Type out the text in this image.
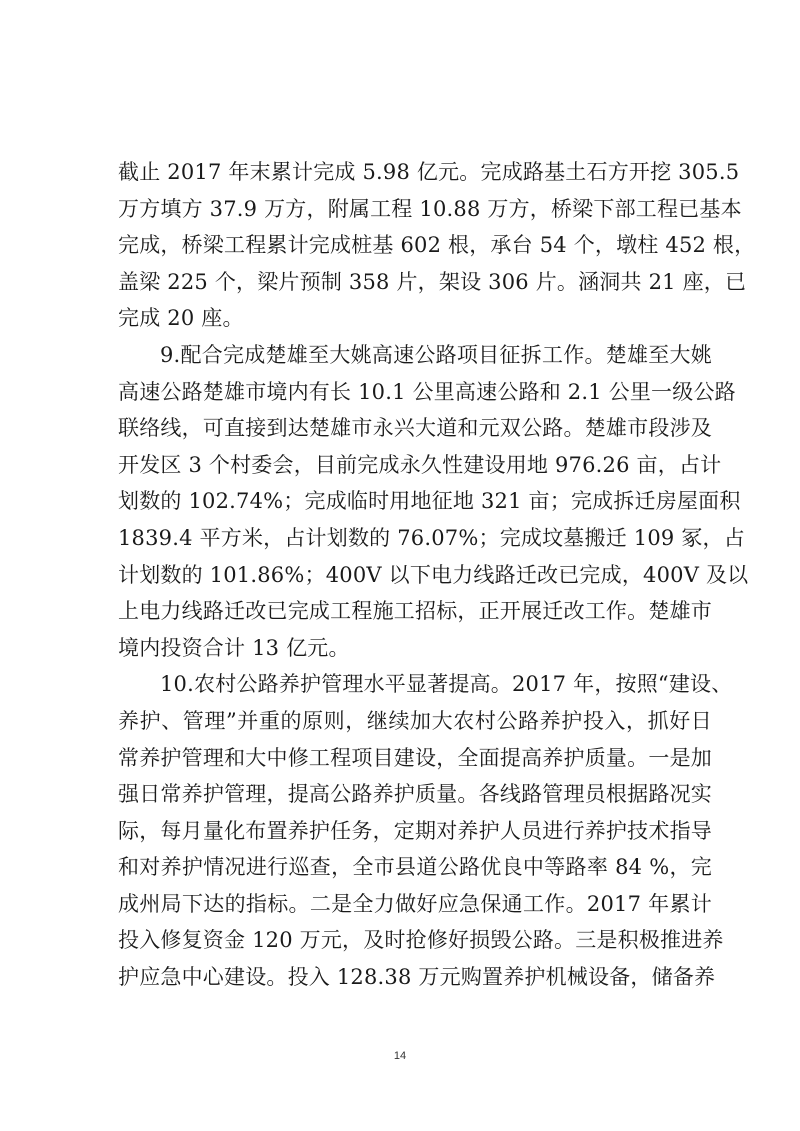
截止 2017 年末累计完成 5.98 亿元。完成路基土石方开挖 305.5
万方填方 37.9 万方，附属工程 10.88 万方，桥梁下部工程已基本
完成，桥梁工程累计完成桩基 602 根，承台 54 个，墩柱 452 根，
盖梁 225 个，梁片预制 358 片，架设 306 片。涵洞共 21 座，已
完成 20 座。
9.配合完成楚雄至大姚高速公路项目征拆工作。楚雄至大姚
高速公路楚雄市境内有长 10.1 公里高速公路和 2.1 公里一级公路
联络线，可直接到达楚雄市永兴大道和元双公路。楚雄市段涉及
开发区 3 个村委会，目前完成永久性建设用地 976.26 亩，占计
划数的 102.74%；完成临时用地征地 321 亩；完成拆迁房屋面积
1839.4 平方米，占计划数的 76.07%；完成坟墓搬迁 109 冢，占
计划数的 101.86%；400V 以下电力线路迁改已完成，400V 及以
上电力线路迁改已完成工程施工招标，正开展迁改工作。楚雄市
境内投资合计 13 亿元。
10.农村公路养护管理水平显著提高。2017 年，按照“建设、
养护、管理”并重的原则，继续加大农村公路养护投入，抓好日
常养护管理和大中修工程项目建设，全面提高养护质量。一是加
强日常养护管理，提高公路养护质量。各线路管理员根据路况实
际，每月量化布置养护任务，定期对养护人员进行养护技术指导
和对养护情况进行巡查，全市县道公路优良中等路率 84 %，完
成州局下达的指标。二是全力做好应急保通工作。2017 年累计
投入修复资金 120 万元，及时抢修好损毁公路。三是积极推进养
护应急中心建设。投入 128.38 万元购置养护机械设备，储备养
14
